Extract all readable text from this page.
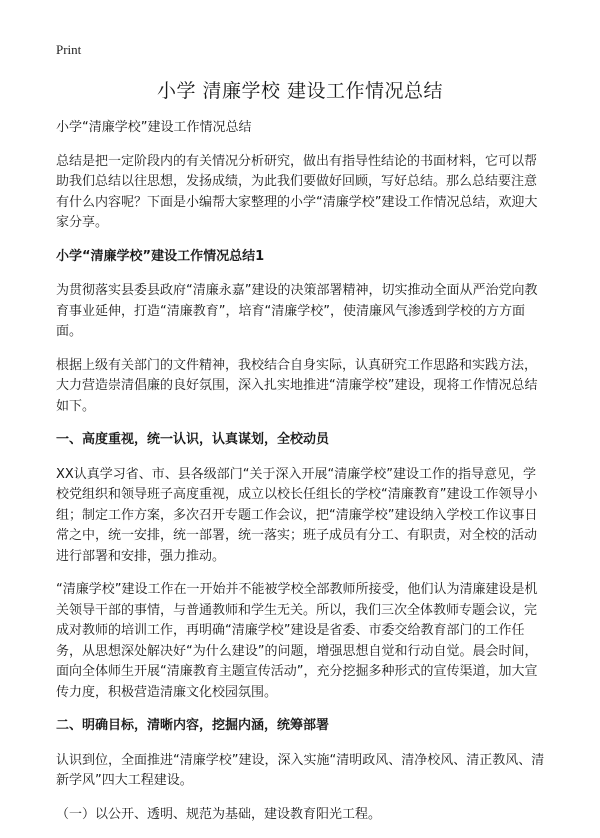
Print
小学 清廉学校 建设工作情况总结

小学“清廉学校”建设工作情况总结

总结是把一定阶段内的有关情况分析研究，做出有指导性结论的书面材料，它可以帮助我们总结以往思想，发扬成绩，为此我们要做好回顾，写好总结。那么总结要注意有什么内容呢？下面是小编帮大家整理的小学“清廉学校”建设工作情况总结，欢迎大家分享。

小学“清廉学校”建设工作情况总结1

为贯彻落实县委县政府“清廉永嘉”建设的决策部署精神，切实推动全面从严治党向教育事业延伸，打造“清廉教育”，培育“清廉学校”，使清廉风气渗透到学校的方方面面。

根据上级有关部门的文件精神，我校结合自身实际，认真研究工作思路和实践方法，大力营造崇清倡廉的良好氛围，深入扎实地推进“清廉学校”建设，现将工作情况总结如下。

一、高度重视，统一认识，认真谋划，全校动员

XX认真学习省、市、县各级部门“关于深入开展“清廉学校”建设工作的指导意见，学校党组织和领导班子高度重视，成立以校长任组长的学校“清廉教育”建设工作领导小组；制定工作方案，多次召开专题工作会议，把“清廉学校”建设纳入学校工作议事日常之中，统一安排，统一部署，统一落实；班子成员有分工、有职责，对全校的活动进行部署和安排，强力推动。

“清廉学校”建设工作在一开始并不能被学校全部教师所接受，他们认为清廉建设是机关领导干部的事情，与普通教师和学生无关。所以，我们三次全体教师专题会议，完成对教师的培训工作，再明确“清廉学校”建设是省委、市委交给教育部门的工作任务，从思想深处解决好“为什么建设”的问题，增强思想自觉和行动自觉。晨会时间，面向全体师生开展“清廉教育主题宣传活动”，充分挖掘多种形式的宣传渠道，加大宣传力度，积极营造清廉文化校园氛围。

二、明确目标，清晰内容，挖掘内涵，统筹部署

认识到位，全面推进“清廉学校”建设，深入实施“清明政风、清净校风、清正教风、清新学风”四大工程建设。

（一）以公开、透明、规范为基础，建设教育阳光工程。
